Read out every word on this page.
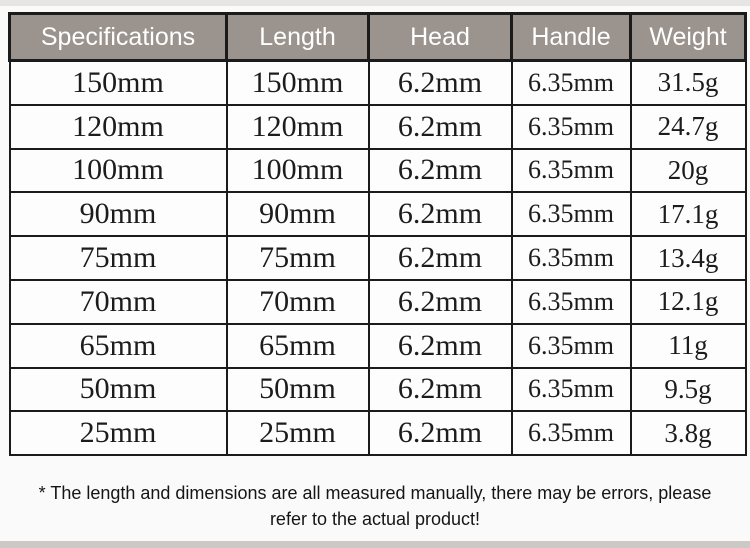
Specifications	Length	Head	Handle	Weight
150mm	150mm	6.2mm	6.35mm	31.5g
120mm	120mm	6.2mm	6.35mm	24.7g
100mm	100mm	6.2mm	6.35mm	20g
90mm	90mm	6.2mm	6.35mm	17.1g
75mm	75mm	6.2mm	6.35mm	13.4g
70mm	70mm	6.2mm	6.35mm	12.1g
65mm	65mm	6.2mm	6.35mm	11g
50mm	50mm	6.2mm	6.35mm	9.5g
25mm	25mm	6.2mm	6.35mm	3.8g
* The length and dimensions are all measured manually, there may be errors, please
refer to the actual product!
